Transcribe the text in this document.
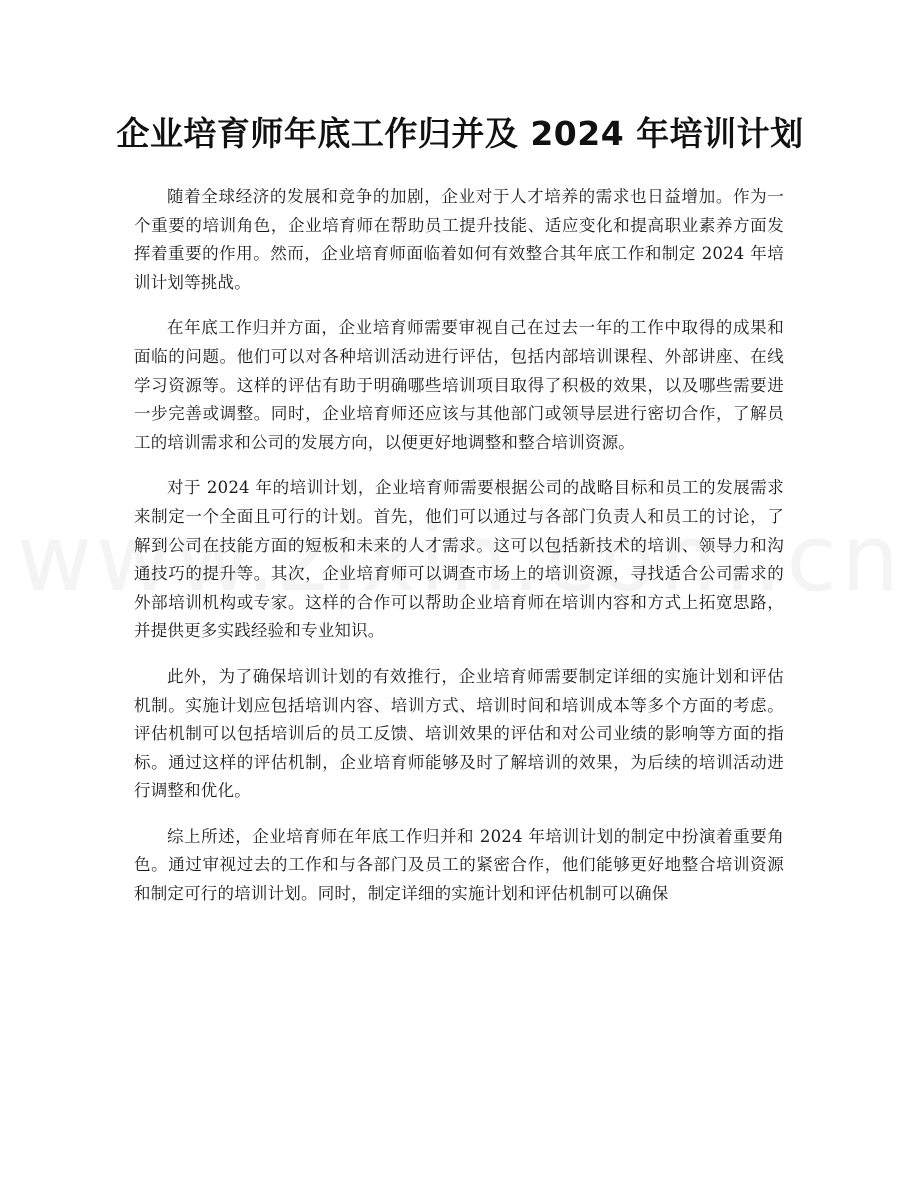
企业培育师年底工作归并及 2024 年培训计划

随着全球经济的发展和竞争的加剧，企业对于人才培养的需求也日益增加。作为一个重要的培训角色，企业培育师在帮助员工提升技能、适应变化和提高职业素养方面发挥着重要的作用。然而，企业培育师面临着如何有效整合其年底工作和制定 2024 年培训计划等挑战。

在年底工作归并方面，企业培育师需要审视自己在过去一年的工作中取得的成果和面临的问题。他们可以对各种培训活动进行评估，包括内部培训课程、外部讲座、在线学习资源等。这样的评估有助于明确哪些培训项目取得了积极的效果，以及哪些需要进一步完善或调整。同时，企业培育师还应该与其他部门或领导层进行密切合作，了解员工的培训需求和公司的发展方向，以便更好地调整和整合培训资源。

对于 2024 年的培训计划，企业培育师需要根据公司的战略目标和员工的发展需求来制定一个全面且可行的计划。首先，他们可以通过与各部门负责人和员工的讨论，了解到公司在技能方面的短板和未来的人才需求。这可以包括新技术的培训、领导力和沟通技巧的提升等。其次，企业培育师可以调查市场上的培训资源，寻找适合公司需求的外部培训机构或专家。这样的合作可以帮助企业培育师在培训内容和方式上拓宽思路，并提供更多实践经验和专业知识。

此外，为了确保培训计划的有效推行，企业培育师需要制定详细的实施计划和评估机制。实施计划应包括培训内容、培训方式、培训时间和培训成本等多个方面的考虑。评估机制可以包括培训后的员工反馈、培训效果的评估和对公司业绩的影响等方面的指标。通过这样的评估机制，企业培育师能够及时了解培训的效果，为后续的培训活动进行调整和优化。

综上所述，企业培育师在年底工作归并和 2024 年培训计划的制定中扮演着重要角色。通过审视过去的工作和与各部门及员工的紧密合作，他们能够更好地整合培训资源和制定可行的培训计划。同时，制定详细的实施计划和评估机制可以确保
